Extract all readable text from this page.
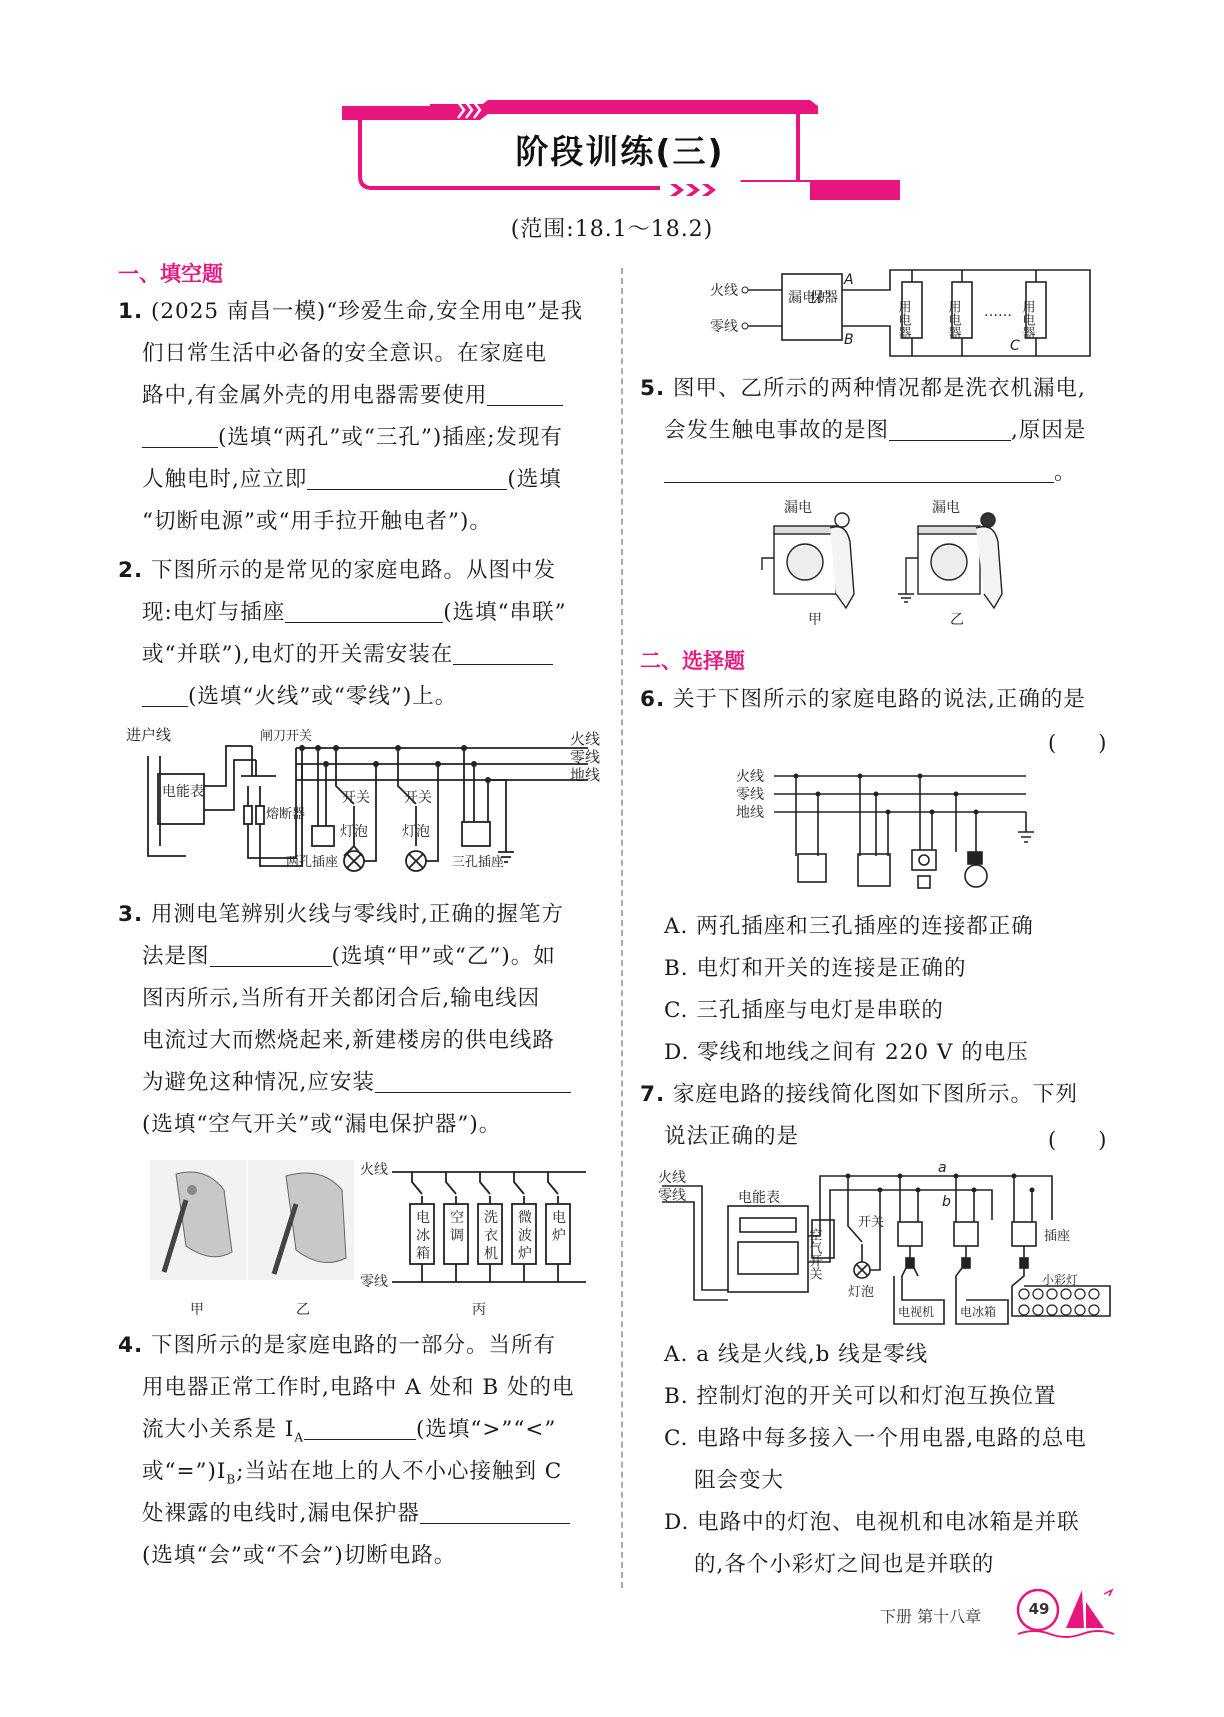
阶段训练(三)
(范围:18.1～18.2)
一、填空题
1. (2025 南昌一模)“珍爱生命,安全用电”是我
们日常生活中必备的安全意识。在家庭电
路中,有金属外壳的用电器需要使用
(选填“两孔”或“三孔”)插座;发现有
人触电时,应立即	(选填
“切断电源”或“用手拉开触电者”)。
2. 下图所示的是常见的家庭电路。从图中发
现:电灯与插座	(选填“串联”
或“并联”),电灯的开关需安装在
(选填“火线”或“零线”)上。
进户线
电能表
闸刀开关
熔断器
开关
灯泡
开关
灯泡
两孔插座	三孔插座
火线
零线
地线
3. 用测电笔辨别火线与零线时,正确的握笔方
法是图	(选填“甲”或“乙”)。如
图丙所示,当所有开关都闭合后,输电线因
电流过大而燃烧起来,新建楼房的供电线路
为避免这种情况,应安装
(选填“空气开关”或“漏电保护器”)。
火线
零线
甲	乙	丙
电
冰
箱
空
调
洗
衣
机
微
波
炉
电
炉
4. 下图所示的是家庭电路的一部分。当所有
用电器正常工作时,电路中 A 处和 B 处的电
流大小关系是 $I_A$	(选填“>”“<”
或“$=”)I_B$;当站在地上的人不小心接触到 C
处裸露的电线时,漏电保护器
(选填“会”或“不会”)切断电路。
火线
零线
漏　电保护器
A
B	C
……
用电器	用电器	用电器
5. 图甲、乙所示的两种情况都是洗衣机漏电,
会发生触电事故的是图	,原因是
。
漏电	漏电
甲	乙
二、选择题
6. 关于下图所示的家庭电路的说法,正确的是
(　　)
火线
零线
地线
A. 两孔插座和三孔插座的连接都正确
B. 电灯和开关的连接是正确的
C. 三孔插座与电灯是串联的
D. 零线和地线之间有 220 V 的电压
7. 家庭电路的接线简化图如下图所示。下列
说法正确的是	(　　)
火线
零线	电能表
空气开关
开关
灯泡
插座
电视机 电冰箱
小彩灯
a
b
A. a 线是火线,b 线是零线
B. 控制灯泡的开关可以和灯泡互换位置
C. 电路中每多接入一个用电器,电路的总电
阻会变大
D. 电路中的灯泡、电视机和电冰箱是并联
的,各个小彩灯之间也是并联的
下册 第十八章	49
